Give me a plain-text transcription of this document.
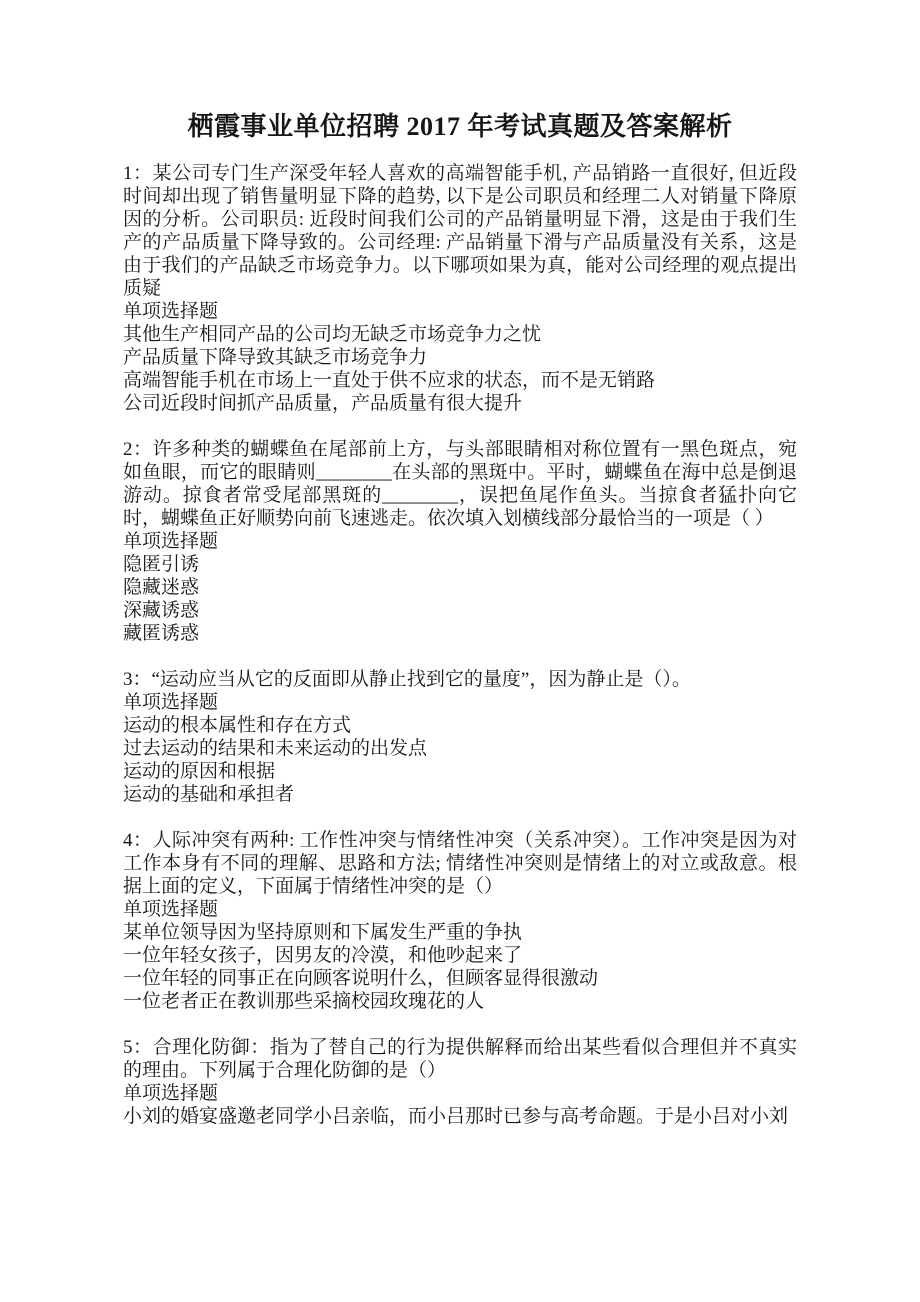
栖霞事业单位招聘 2017 年考试真题及答案解析

1：某公司专门生产深受年轻人喜欢的高端智能手机, 产品销路一直很好, 但近段时间却出现了销售量明显下降的趋势, 以下是公司职员和经理二人对销量下降原因的分析。公司职员: 近段时间我们公司的产品销量明显下滑，这是由于我们生产的产品质量下降导致的。公司经理: 产品销量下滑与产品质量没有关系，这是由于我们的产品缺乏市场竞争力。以下哪项如果为真，能对公司经理的观点提出质疑

单项选择题

其他生产相同产品的公司均无缺乏市场竞争力之忧

产品质量下降导致其缺乏市场竞争力

高端智能手机在市场上一直处于供不应求的状态，而不是无销路

公司近段时间抓产品质量，产品质量有很大提升

2：许多种类的蝴蝶鱼在尾部前上方，与头部眼睛相对称位置有一黑色斑点，宛如鱼眼，而它的眼睛则________在头部的黑斑中。平时，蝴蝶鱼在海中总是倒退游动。掠食者常受尾部黑斑的________，误把鱼尾作鱼头。当掠食者猛扑向它时，蝴蝶鱼正好顺势向前飞速逃走。依次填入划横线部分最恰当的一项是（ ）

单项选择题

隐匿引诱

隐藏迷惑

深藏诱惑

藏匿诱惑

3：“运动应当从它的反面即从静止找到它的量度”，因为静止是（）。

单项选择题

运动的根本属性和存在方式

过去运动的结果和未来运动的出发点

运动的原因和根据

运动的基础和承担者

4：人际冲突有两种: 工作性冲突与情绪性冲突（关系冲突）。工作冲突是因为对工作本身有不同的理解、思路和方法; 情绪性冲突则是情绪上的对立或敌意。根据上面的定义，下面属于情绪性冲突的是（）

单项选择题

某单位领导因为坚持原则和下属发生严重的争执

一位年轻女孩子，因男友的冷漠，和他吵起来了

一位年轻的同事正在向顾客说明什么，但顾客显得很激动

一位老者正在教训那些采摘校园玫瑰花的人

5：合理化防御：指为了替自己的行为提供解释而给出某些看似合理但并不真实的理由。下列属于合理化防御的是（）

单项选择题

小刘的婚宴盛邀老同学小吕亲临，而小吕那时已参与高考命题。于是小吕对小刘
